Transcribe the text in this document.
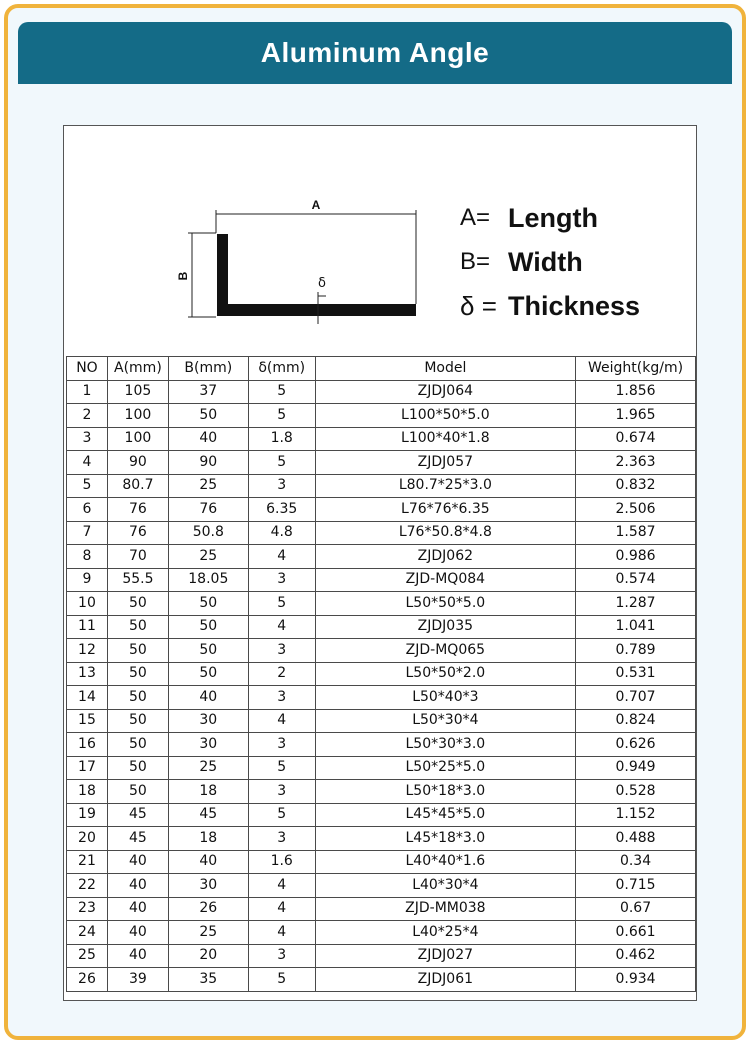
Aluminum Angle
A
B	δ
A= Length
B= Width
δ = Thickness
NO	A(mm)	B(mm)	δ(mm)	Model	Weight(kg/m)
1	105	37	5	ZJDJ064	1.856
2	100	50	5	L100*50*5.0	1.965
3	100	40	1.8	L100*40*1.8	0.674
4	90	90	5	ZJDJ057	2.363
5	80.7	25	3	L80.7*25*3.0	0.832
6	76	76	6.35	L76*76*6.35	2.506
7	76	50.8	4.8	L76*50.8*4.8	1.587
8	70	25	4	ZJDJ062	0.986
9	55.5	18.05	3	ZJD-MQ084	0.574
10	50	50	5	L50*50*5.0	1.287
11	50	50	4	ZJDJ035	1.041
12	50	50	3	ZJD-MQ065	0.789
13	50	50	2	L50*50*2.0	0.531
14	50	40	3	L50*40*3	0.707
15	50	30	4	L50*30*4	0.824
16	50	30	3	L50*30*3.0	0.626
17	50	25	5	L50*25*5.0	0.949
18	50	18	3	L50*18*3.0	0.528
19	45	45	5	L45*45*5.0	1.152
20	45	18	3	L45*18*3.0	0.488
21	40	40	1.6	L40*40*1.6	0.34
22	40	30	4	L40*30*4	0.715
23	40	26	4	ZJD-MM038	0.67
24	40	25	4	L40*25*4	0.661
25	40	20	3	ZJDJ027	0.462
26	39	35	5	ZJDJ061	0.934
